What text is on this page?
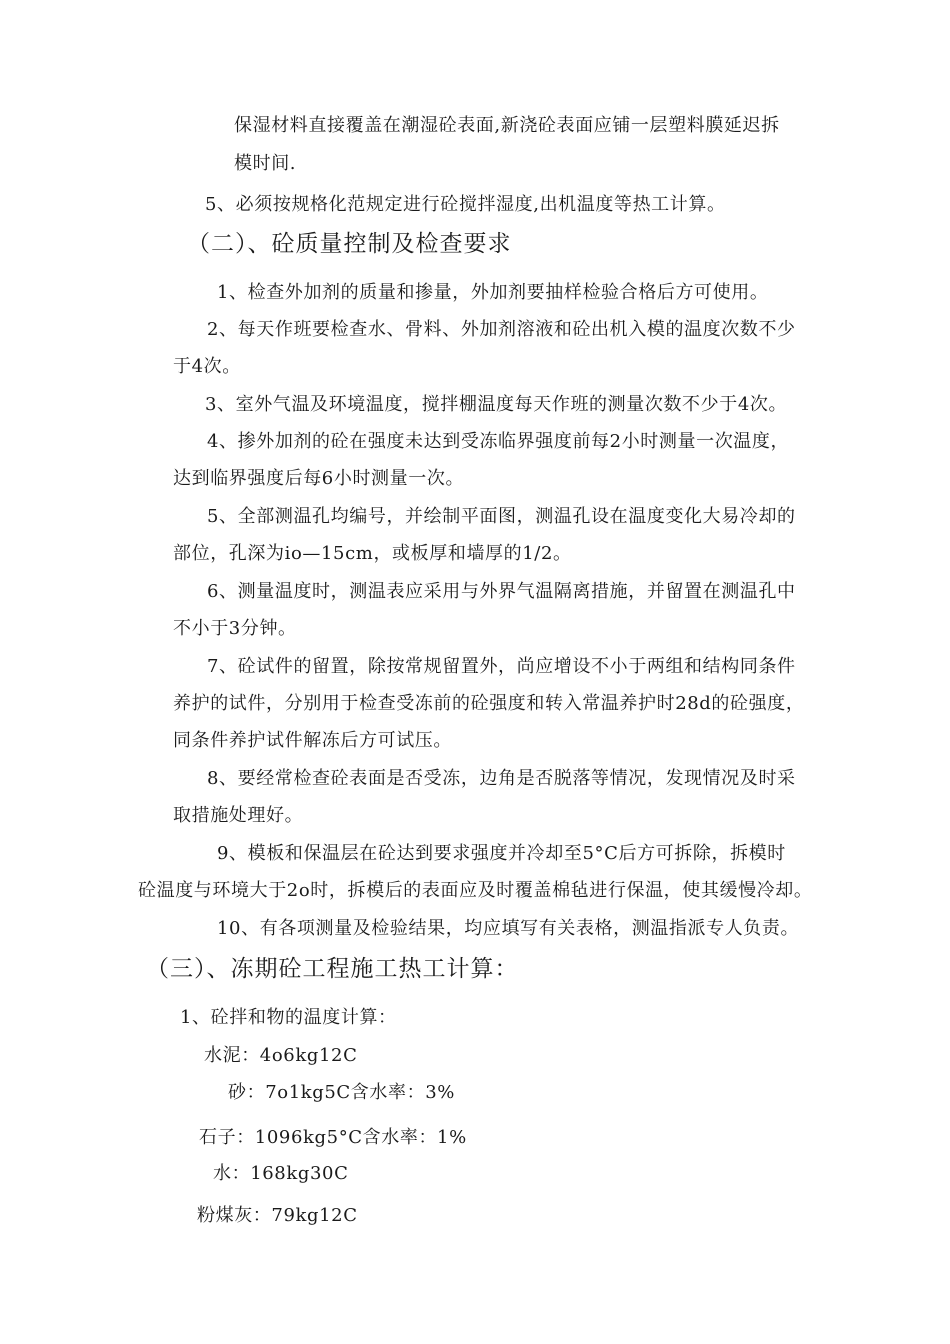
保湿材料直接覆盖在潮湿砼表面,新浇砼表面应铺一层塑料膜延迟拆
模时间.
5、必须按规格化范规定进行砼搅拌湿度,出机温度等热工计算。
（二）、砼质量控制及检查要求
1、检查外加剂的质量和掺量，外加剂要抽样检验合格后方可使用。
2、每天作班要检查水、骨料、外加剂溶液和砼出机入模的温度次数不少
于4次。
3、室外气温及环境温度，搅拌棚温度每天作班的测量次数不少于4次。
4、掺外加剂的砼在强度未达到受冻临界强度前每2小时测量一次温度，
达到临界强度后每6小时测量一次。
5、全部测温孔均编号，并绘制平面图，测温孔设在温度变化大易冷却的
部位，孔深为io—15cm，或板厚和墙厚的1/2。
6、测量温度时，测温表应采用与外界气温隔离措施，并留置在测温孔中
不小于3分钟。
7、砼试件的留置，除按常规留置外，尚应增设不小于两组和结构同条件
养护的试件，分别用于检查受冻前的砼强度和转入常温养护时28d的砼强度，
同条件养护试件解冻后方可试压。
8、要经常检查砼表面是否受冻，边角是否脱落等情况，发现情况及时采
取措施处理好。
9、模板和保温层在砼达到要求强度并冷却至5°C后方可拆除，拆模时
砼温度与环境大于2o时，拆模后的表面应及时覆盖棉毡进行保温，使其缓慢冷却。
10、有各项测量及检验结果，均应填写有关表格，测温指派专人负责。
（三）、冻期砼工程施工热工计算：
1、砼拌和物的温度计算：
水泥：4o6kg12C
砂：7o1kg5C含水率：3%
石子：1096kg5°C含水率：1%
水：168kg30C
粉煤灰：79kg12C
